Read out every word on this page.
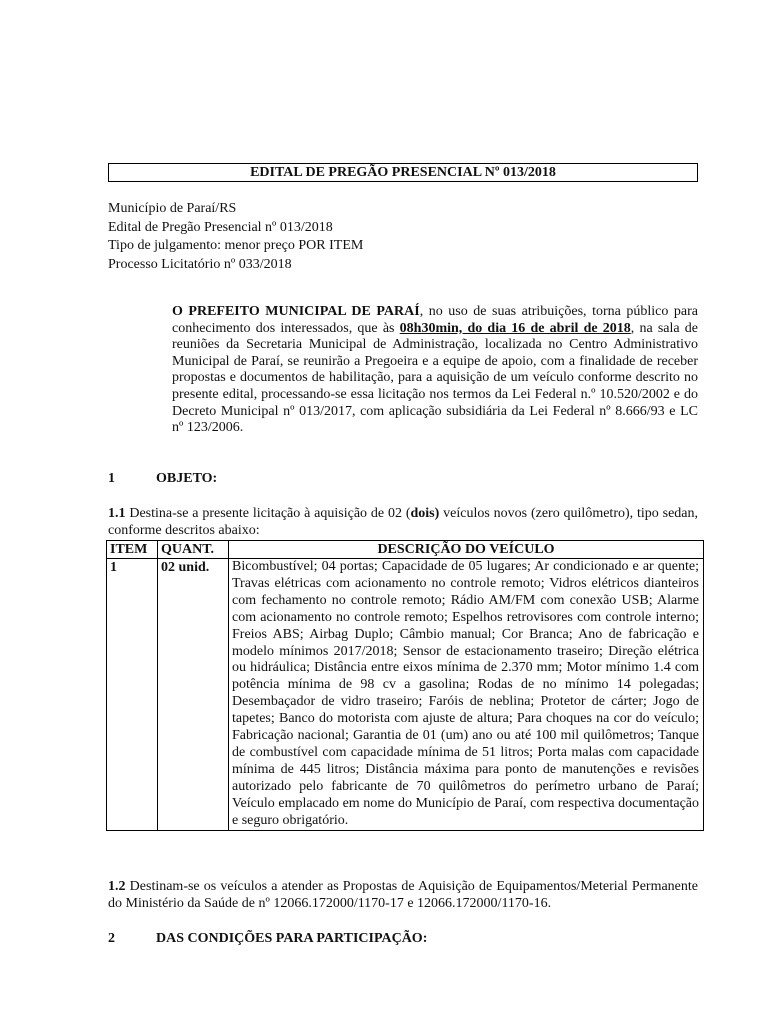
EDITAL DE PREGÃO PRESENCIAL Nº 013/2018
Município de Paraí/RS
Edital de Pregão Presencial nº 013/2018
Tipo de julgamento: menor preço POR ITEM
Processo Licitatório nº 033/2018
O PREFEITO MUNICIPAL DE PARAÍ, no uso de suas atribuições, torna público para conhecimento dos interessados, que às 08h30min, do dia 16 de abril de 2018, na sala de reuniões da Secretaria Municipal de Administração, localizada no Centro Administrativo Municipal de Paraí, se reunirão a Pregoeira e a equipe de apoio, com a finalidade de receber propostas e documentos de habilitação, para a aquisição de um veículo conforme descrito no presente edital, processando-se essa licitação nos termos da Lei Federal n.º 10.520/2002 e do Decreto Municipal nº 013/2017, com aplicação subsidiária da Lei Federal nº 8.666/93 e LC nº 123/2006.
1	OBJETO:
1.1 Destina-se a presente licitação à aquisição de 02 (dois) veículos novos (zero quilômetro), tipo sedan, conforme descritos abaixo:
ITEM	QUANT.	DESCRIÇÃO DO VEÍCULO
1	02 unid.	Bicombustível; 04 portas; Capacidade de 05 lugares; Ar condicionado e ar quente; Travas elétricas com acionamento no controle remoto; Vidros elétricos dianteiros com fechamento no controle remoto; Rádio AM/FM com conexão USB; Alarme com acionamento no controle remoto; Espelhos retrovisores com controle interno; Freios ABS; Airbag Duplo; Câmbio manual; Cor Branca; Ano de fabricação e modelo mínimos 2017/2018; Sensor de estacionamento traseiro; Direção elétrica ou hidráulica; Distância entre eixos mínima de 2.370 mm; Motor mínimo 1.4 com potência mínima de 98 cv a gasolina; Rodas de no mínimo 14 polegadas; Desembaçador de vidro traseiro; Faróis de neblina; Protetor de cárter; Jogo de tapetes; Banco do motorista com ajuste de altura; Para choques na cor do veículo; Fabricação nacional; Garantia de 01 (um) ano ou até 100 mil quilômetros; Tanque de combustível com capacidade mínima de 51 litros; Porta malas com capacidade mínima de 445 litros; Distância máxima para ponto de manutenções e revisões autorizado pelo fabricante de 70 quilômetros do perímetro urbano de Paraí; Veículo emplacado em nome do Município de Paraí, com respectiva documentação e seguro obrigatório.
1.2 Destinam-se os veículos a atender as Propostas de Aquisição de Equipamentos/Meterial Permanente do Ministério da Saúde de nº 12066.172000/1170-17 e 12066.172000/1170-16.
2	DAS CONDIÇÕES PARA PARTICIPAÇÃO:
